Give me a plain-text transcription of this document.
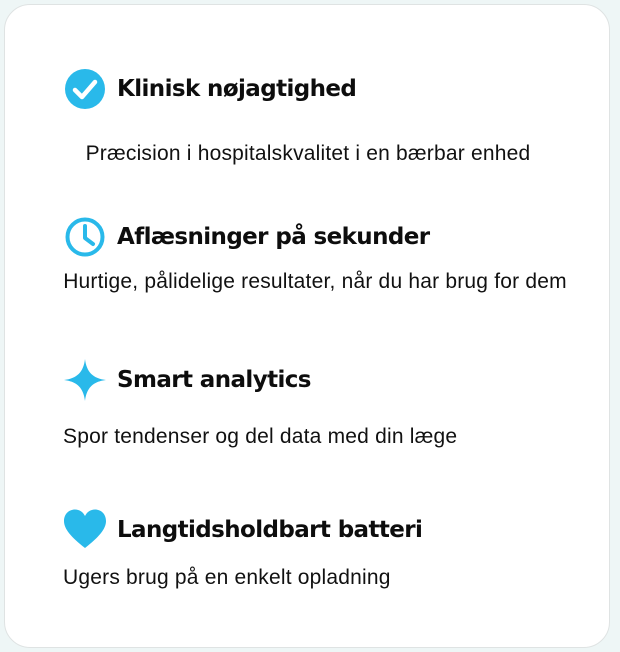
Klinisk nøjagtighed
Præcision i hospitalskvalitet i en bærbar enhed
Aflæsninger på sekunder
Hurtige, pålidelige resultater, når du har brug for dem
Smart analytics
Spor tendenser og del data med din læge
Langtidsholdbart batteri
Ugers brug på en enkelt opladning
